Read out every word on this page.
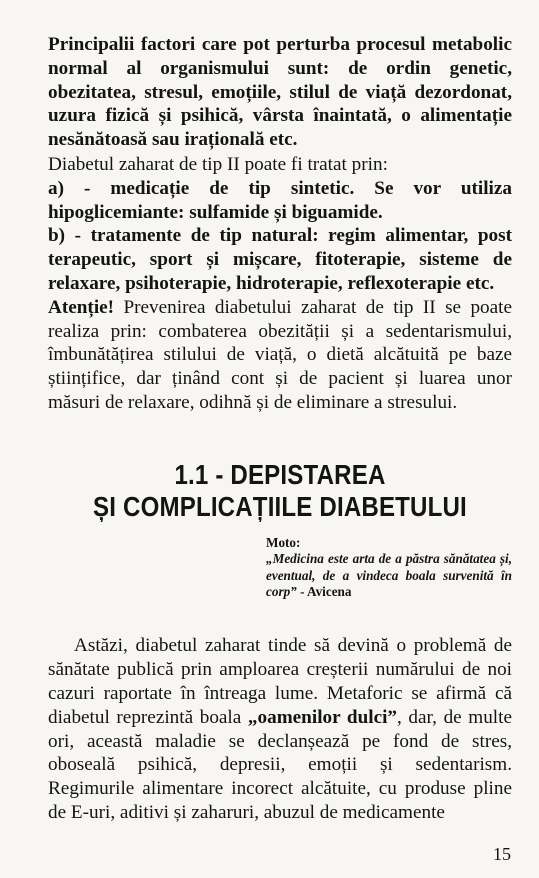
Principalii factori care pot perturba procesul metabolic normal al organismului sunt: de ordin genetic, obezitatea, stresul, emoțiile, stilul de viață dezordonat, uzura fizică și psihică, vârsta înaintată, o alimentație nesănătoasă sau irațională etc.

Diabetul zaharat de tip II poate fi tratat prin:

a) - medicație de tip sintetic. Se vor utiliza hipoglicemiante: sulfamide și biguamide.

b) - tratamente de tip natural: regim alimentar, post terapeutic, sport și mișcare, fitoterapie, sisteme de relaxare, psihoterapie, hidroterapie, reflexoterapie etc.

Atenție! Prevenirea diabetului zaharat de tip II se poate realiza prin: combaterea obezității și a sedentarismului, îmbunătățirea stilului de viață, o dietă alcătuită pe baze științifice, dar ținând cont și de pacient și luarea unor măsuri de relaxare, odihnă și de eliminare a stresului.

1.1 - DEPISTAREA
ȘI COMPLICAȚIILE DIABETULUI
Moto:
„Medicina este arta de a păstra sănătatea și, eventual, de a vindeca boala survenită în corp” - Avicena

Astăzi, diabetul zaharat tinde să devină o problemă de sănătate publică prin amploarea creșterii numărului de noi cazuri raportate în întreaga lume. Metaforic se afirmă că diabetul reprezintă boala „oamenilor dulci”, dar, de multe ori, această maladie se declanșează pe fond de stres, oboseală psihică, depresii, emoții și sedentarism. Regimurile alimentare incorect alcătuite, cu produse pline de E-uri, aditivi și zaharuri, abuzul de medicamente

15
